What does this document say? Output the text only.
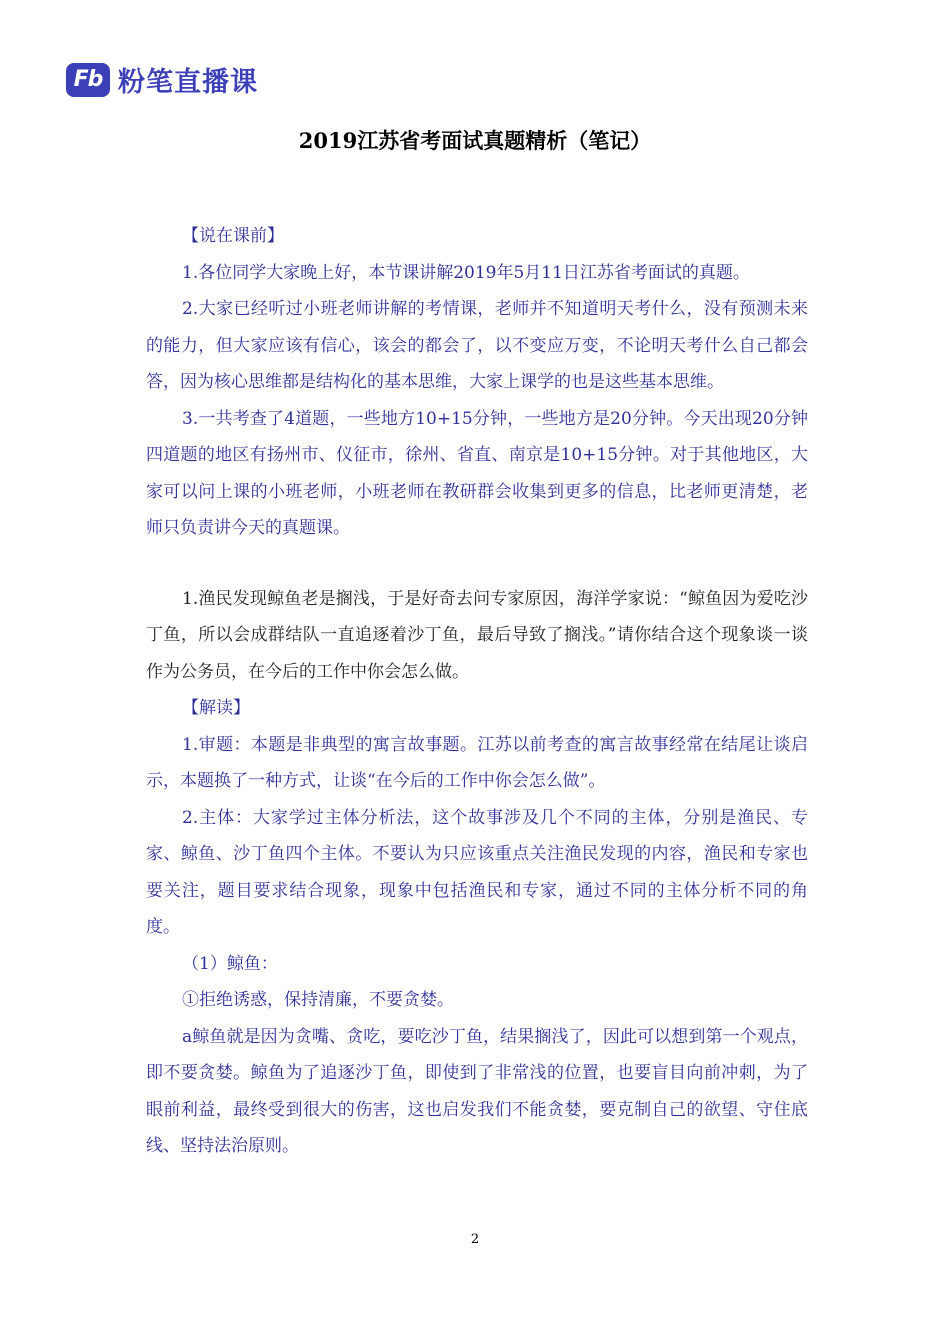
Fb 粉笔直播课
2019江苏省考面试真题精析（笔记）

【说在课前】

1.各位同学大家晚上好，本节课讲解2019年5月11日江苏省考面试的真题。

2.大家已经听过小班老师讲解的考情课，老师并不知道明天考什么，没有预测未来的能力，但大家应该有信心，该会的都会了，以不变应万变，不论明天考什么自己都会答，因为核心思维都是结构化的基本思维，大家上课学的也是这些基本思维。

3.一共考查了4道题，一些地方10+15分钟，一些地方是20分钟。今天出现20分钟四道题的地区有扬州市、仪征市，徐州、省直、南京是10+15分钟。对于其他地区，大家可以问上课的小班老师，小班老师在教研群会收集到更多的信息，比老师更清楚，老师只负责讲今天的真题课。

1.渔民发现鲸鱼老是搁浅，于是好奇去问专家原因，海洋学家说：“鲸鱼因为爱吃沙丁鱼，所以会成群结队一直追逐着沙丁鱼，最后导致了搁浅。”请你结合这个现象谈一谈作为公务员，在今后的工作中你会怎么做。

【解读】

1.审题：本题是非典型的寓言故事题。江苏以前考查的寓言故事经常在结尾让谈启示，本题换了一种方式，让谈“在今后的工作中你会怎么做”。

2.主体：大家学过主体分析法，这个故事涉及几个不同的主体，分别是渔民、专家、鲸鱼、沙丁鱼四个主体。不要认为只应该重点关注渔民发现的内容，渔民和专家也要关注，题目要求结合现象，现象中包括渔民和专家，通过不同的主体分析不同的角度。

（1）鲸鱼：

①拒绝诱惑，保持清廉，不要贪婪。

a鲸鱼就是因为贪嘴、贪吃，要吃沙丁鱼，结果搁浅了，因此可以想到第一个观点，即不要贪婪。鲸鱼为了追逐沙丁鱼，即使到了非常浅的位置，也要盲目向前冲刺，为了眼前利益，最终受到很大的伤害，这也启发我们不能贪婪，要克制自己的欲望、守住底线、坚持法治原则。

2
